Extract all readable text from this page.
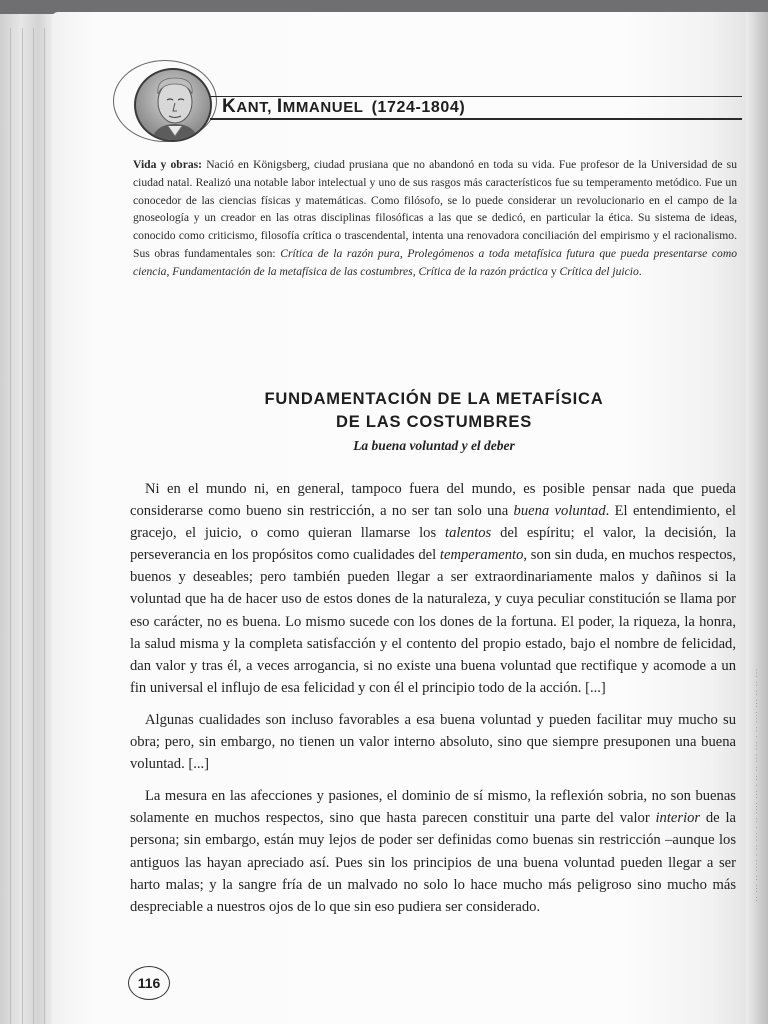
·· ··· ·· ···· · ·· ··· · ·· ···· ··· · ·· ·· ··· ··· · ·· ···· ··· ·· ·· ···
KANT, IMMANUEL (1724-1804)
Vida y obras: Nació en Königsberg, ciudad prusiana que no abandonó en toda su vida. Fue profesor de la Universidad de su ciudad natal. Realizó una notable labor intelectual y uno de sus rasgos más característicos fue su temperamento metódico. Fue un conocedor de las ciencias físicas y matemáticas. Como filósofo, se lo puede considerar un revolucionario en el campo de la gnoseología y un creador en las otras disciplinas filosóficas a las que se dedicó, en particular la ética. Su sistema de ideas, conocido como criticismo, filosofía crítica o trascendental, intenta una renovadora conciliación del empirismo y el racionalismo. Sus obras fundamentales son: Crítica de la razón pura, Prolegómenos a toda metafísica futura que pueda presentarse como ciencia, Fundamentación de la metafísica de las costumbres, Crítica de la razón práctica y Crítica del juicio.
FUNDAMENTACIÓN DE LA METAFÍSICA
DE LAS COSTUMBRES
La buena voluntad y el deber

Ni en el mundo ni, en general, tampoco fuera del mundo, es posible pensar nada que pueda considerarse como bueno sin restricción, a no ser tan solo una buena voluntad. El entendimiento, el gracejo, el juicio, o como quieran llamarse los talentos del espíritu; el valor, la decisión, la perseverancia en los propósitos como cualidades del temperamento, son sin duda, en muchos respectos, buenos y deseables; pero también pueden llegar a ser extraordinariamente malos y dañinos si la voluntad que ha de hacer uso de estos dones de la naturaleza, y cuya peculiar constitución se llama por eso carácter, no es buena. Lo mismo sucede con los dones de la fortuna. El poder, la riqueza, la honra, la salud misma y la completa satisfacción y el contento del propio estado, bajo el nombre de felicidad, dan valor y tras él, a veces arrogancia, si no existe una buena voluntad que rectifique y acomode a un fin universal el influjo de esa felicidad y con él el principio todo de la acción. [...]

Algunas cualidades son incluso favorables a esa buena voluntad y pueden facilitar muy mucho su obra; pero, sin embargo, no tienen un valor interno absoluto, sino que siempre presuponen una buena voluntad. [...]

La mesura en las afecciones y pasiones, el dominio de sí mismo, la reflexión sobria, no son buenas solamente en muchos respectos, sino que hasta parecen constituir una parte del valor interior de la persona; sin embargo, están muy lejos de poder ser definidas como buenas sin restricción –aunque los antiguos las hayan apreciado así. Pues sin los principios de una buena voluntad pueden llegar a ser harto malas; y la sangre fría de un malvado no solo lo hace mucho más peligroso sino mucho más despreciable a nuestros ojos de lo que sin eso pudiera ser considerado.

116
